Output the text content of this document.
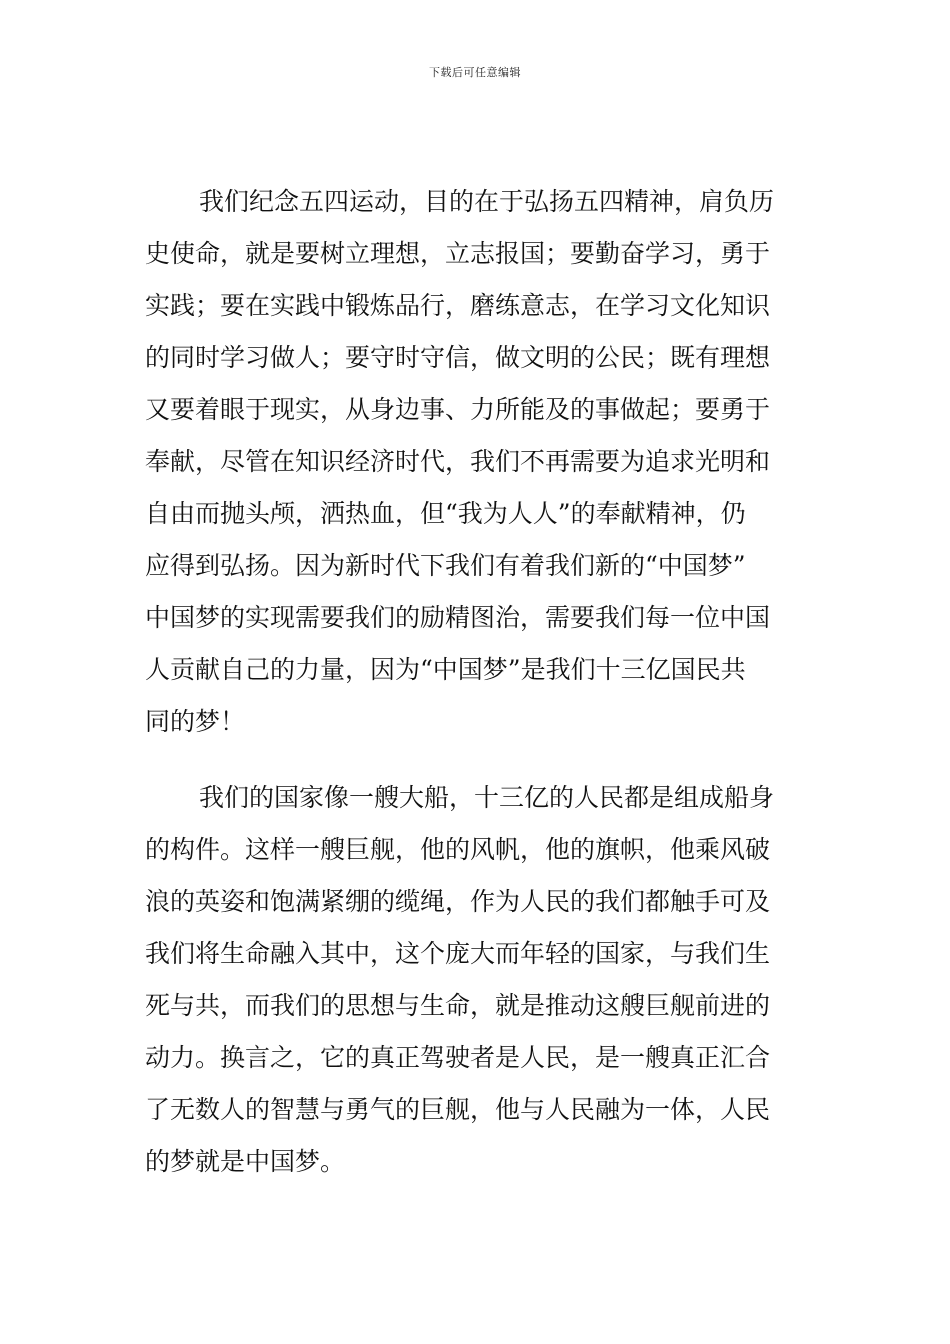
下载后可任意编辑
我们纪念五四运动，目的在于弘扬五四精神，肩负历
史使命，就是要树立理想，立志报国；要勤奋学习，勇于
实践；要在实践中锻炼品行，磨练意志，在学习文化知识
的同时学习做人；要守时守信，做文明的公民；既有理想
又要着眼于现实，从身边事、力所能及的事做起；要勇于
奉献，尽管在知识经济时代，我们不再需要为追求光明和
自由而抛头颅，洒热血，但“我为人人”的奉献精神，仍
应得到弘扬。因为新时代下我们有着我们新的“中国梦”
中国梦的实现需要我们的励精图治，需要我们每一位中国
人贡献自己的力量，因为“中国梦”是我们十三亿国民共
同的梦！
我们的国家像一艘大船，十三亿的人民都是组成船身
的构件。这样一艘巨舰，他的风帆，他的旗帜，他乘风破
浪的英姿和饱满紧绷的缆绳，作为人民的我们都触手可及
我们将生命融入其中，这个庞大而年轻的国家，与我们生
死与共，而我们的思想与生命，就是推动这艘巨舰前进的
动力。换言之，它的真正驾驶者是人民，是一艘真正汇合
了无数人的智慧与勇气的巨舰，他与人民融为一体，人民
的梦就是中国梦。
